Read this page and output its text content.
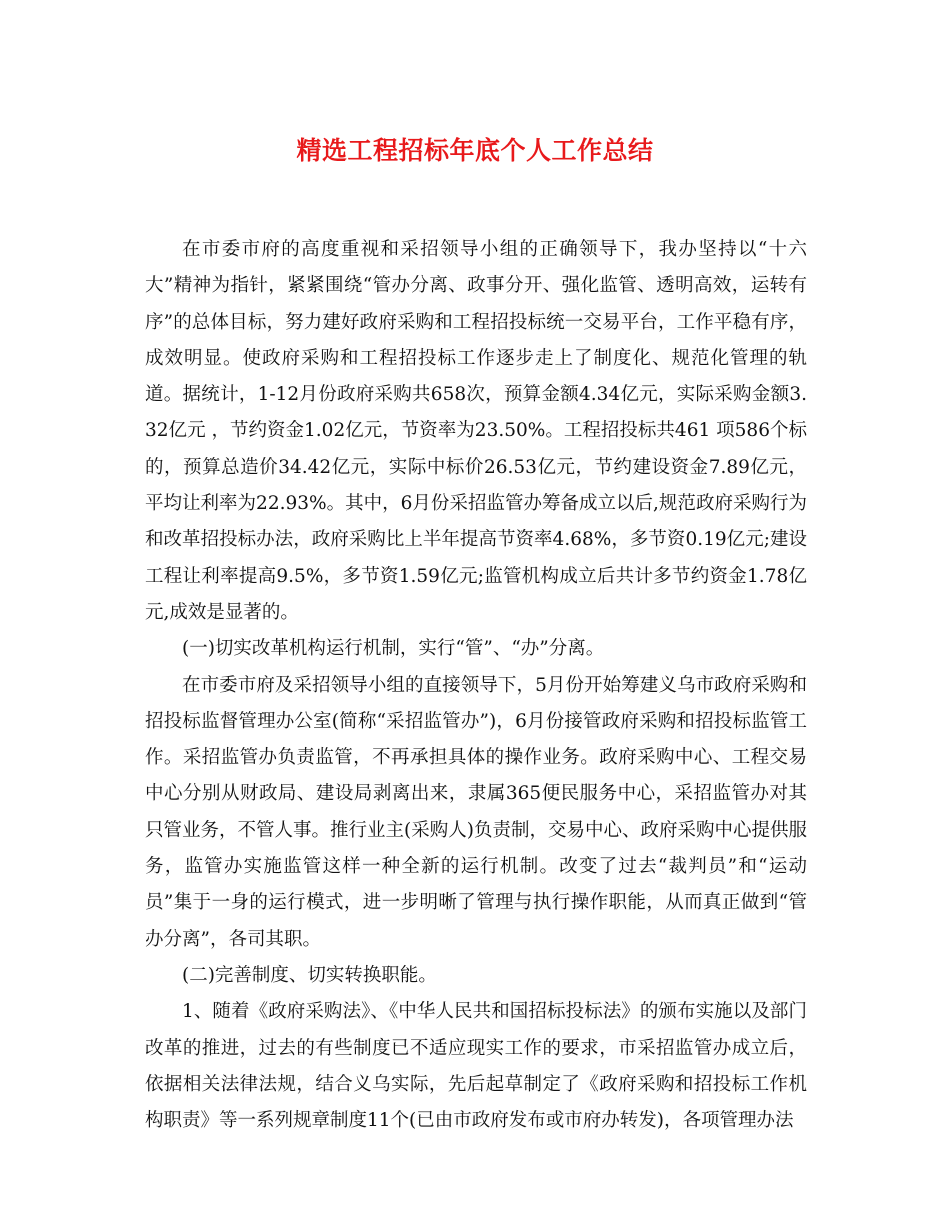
精选工程招标年底个人工作总结

在市委市府的高度重视和采招领导小组的正确领导下，我办坚持以“十六大”精神为指针，紧紧围绕“管办分离、政事分开、强化监管、透明高效，运转有序”的总体目标，努力建好政府采购和工程招投标统一交易平台，工作平稳有序，成效明显。使政府采购和工程招投标工作逐步走上了制度化、规范化管理的轨道。据统计，1-12月份政府采购共658次，预算金额4.34亿元，实际采购金额3.32亿元 ，节约资金1.02亿元，节资率为23.50%。工程招投标共461 项586个标的，预算总造价34.42亿元，实际中标价26.53亿元，节约建设资金7.89亿元，平均让利率为22.93%。其中，6月份采招监管办筹备成立以后,规范政府采购行为和改革招投标办法，政府采购比上半年提高节资率4.68%，多节资0.19亿元;建设工程让利率提高9.5%，多节资1.59亿元;监管机构成立后共计多节约资金1.78亿元,成效是显著的。

(一)切实改革机构运行机制，实行“管”、“办”分离。

在市委市府及采招领导小组的直接领导下，5月份开始筹建义乌市政府采购和招投标监督管理办公室(简称“采招监管办”)，6月份接管政府采购和招投标监管工作。采招监管办负责监管，不再承担具体的操作业务。政府采购中心、工程交易中心分别从财政局、建设局剥离出来，隶属365便民服务中心，采招监管办对其只管业务，不管人事。推行业主(采购人)负责制，交易中心、政府采购中心提供服务，监管办实施监管这样一种全新的运行机制。改变了过去“裁判员”和“运动员”集于一身的运行模式，进一步明晰了管理与执行操作职能，从而真正做到“管办分离”，各司其职。

(二)完善制度、切实转换职能。

1、随着《政府采购法》、《中华人民共和国招标投标法》的颁布实施以及部门改革的推进，过去的有些制度已不适应现实工作的要求，市采招监管办成立后，依据相关法律法规，结合义乌实际，先后起草制定了《政府采购和招投标工作机构职责》等一系列规章制度11个(已由市政府发布或市府办转发)，各项管理办法
